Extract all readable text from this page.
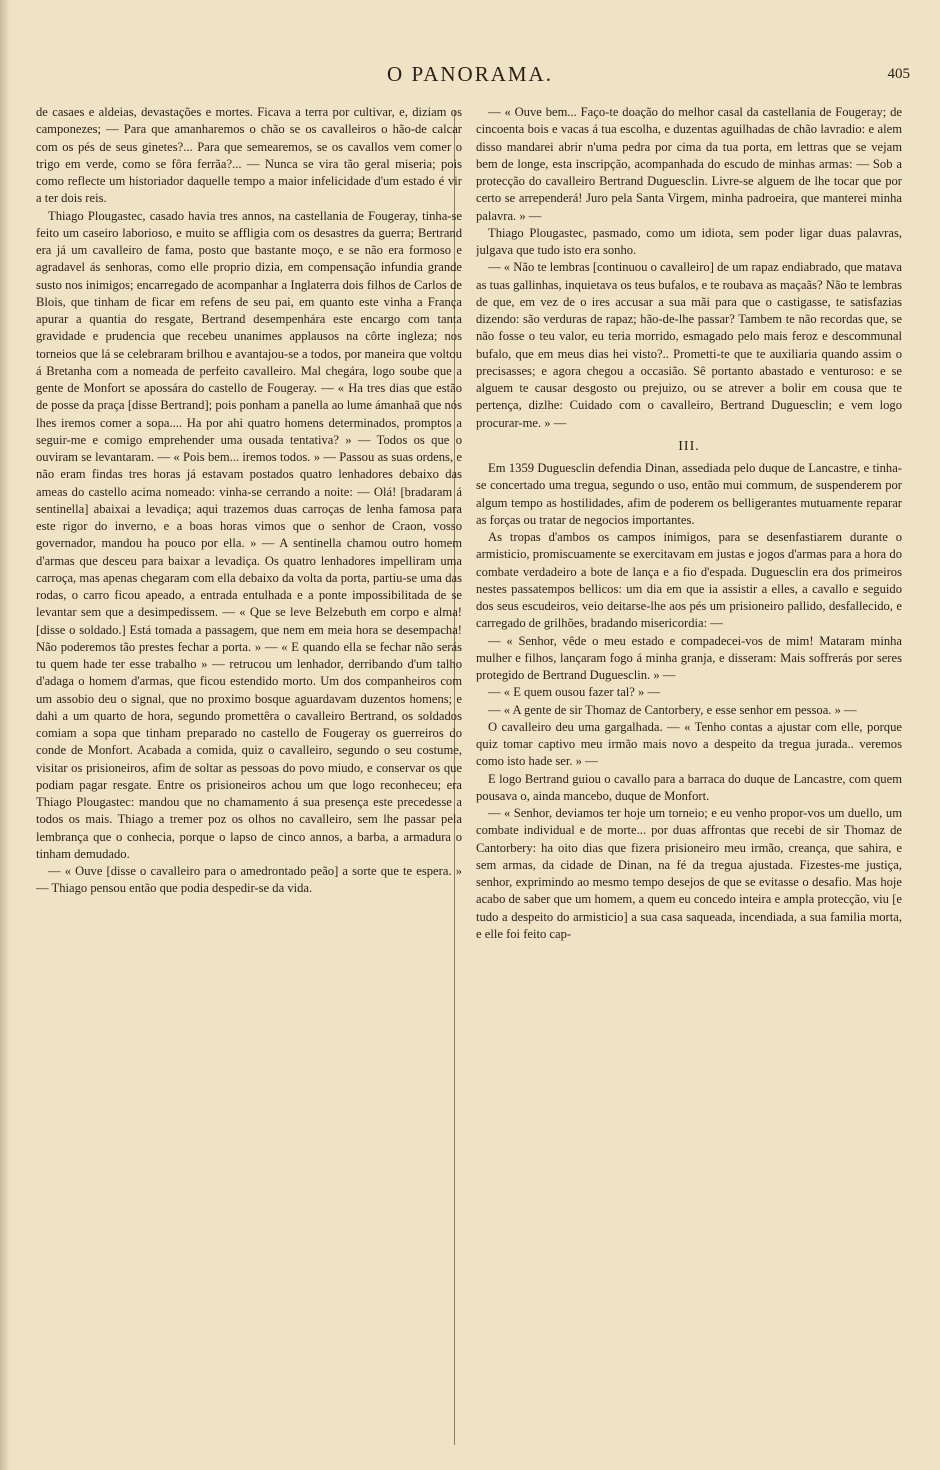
O PANORAMA.	405

de casaes e aldeias, devastações e mortes. Ficava a terra por cultivar, e, diziam os camponezes; — Para que amanharemos o chão se os cavalleiros o hão-de calcar com os pés de seus ginetes?... Para que semearemos, se os cavallos vem comer o trigo em verde, como se fôra ferrãa?... — Nunca se vira tão geral miseria; pois como reflecte um historiador daquelle tempo a maior infelicidade d'um estado é vir a ter dois reis.

Thiago Plougastec, casado havia tres annos, na castellania de Fougeray, tinha-se feito um caseiro laborioso, e muito se affligia com os desastres da guerra; Bertrand era já um cavalleiro de fama, posto que bastante moço, e se não era formoso e agradavel ás senhoras, como elle proprio dizia, em compensação infundia grande susto nos inimigos; encarregado de acompanhar a Inglaterra dois filhos de Carlos de Blois, que tinham de ficar em refens de seu pai, em quanto este vinha a França apurar a quantia do resgate, Bertrand desempenhára este encargo com tanta gravidade e prudencia que recebeu unanimes applausos na côrte ingleza; nos torneios que lá se celebraram brilhou e avantajou-se a todos, por maneira que voltou á Bretanha com a nomeada de perfeito cavalleiro. Mal chegára, logo soube que a gente de Monfort se apossára do castello de Fougeray. — « Ha tres dias que estão de posse da praça [disse Bertrand]; pois ponham a panella ao lume ámanhaã que nós lhes iremos comer a sopa.... Ha por ahi quatro homens determinados, promptos a seguir-me e comigo emprehender uma ousada tentativa? » — Todos os que o ouviram se levantaram. — « Pois bem... iremos todos. » — Passou as suas ordens, e não eram findas tres horas já estavam postados quatro lenhadores debaixo das ameas do castello acima nomeado: vinha-se cerrando a noite: — Olá! [bradaram á sentinella] abaixai a levadiça; aqui trazemos duas carroças de lenha famosa para este rigor do inverno, e a boas horas vimos que o senhor de Craon, vosso governador, mandou ha pouco por ella. » — A sentinella chamou outro homem d'armas que desceu para baixar a levadiça. Os quatro lenhadores impelliram uma carroça, mas apenas chegaram com ella debaixo da volta da porta, partiu-se uma das rodas, o carro ficou apeado, a entrada entulhada e a ponte impossibilitada de se levantar sem que a desimpedissem. — « Que se leve Belzebuth em corpo e alma! [disse o soldado.] Está tomada a passagem, que nem em meia hora se desempacha! Não poderemos tão prestes fechar a porta. » — « E quando ella se fechar não serás tu quem hade ter esse trabalho » — retrucou um lenhador, derribando d'um talho d'adaga o homem d'armas, que ficou estendido morto. Um dos companheiros com um assobio deu o signal, que no proximo bosque aguardavam duzentos homens; e dahi a um quarto de hora, segundo promettêra o cavalleiro Bertrand, os soldados comiam a sopa que tinham preparado no castello de Fougeray os guerreiros do conde de Monfort. Acabada a comida, quiz o cavalleiro, segundo o seu costume, visitar os prisioneiros, afim de soltar as pessoas do povo miudo, e conservar os que podiam pagar resgate. Entre os prisioneiros achou um que logo reconheceu; era Thiago Plougastec: mandou que no chamamento á sua presença este precedesse a todos os mais. Thiago a tremer poz os olhos no cavalleiro, sem lhe passar pela lembrança que o conhecia, porque o lapso de cinco annos, a barba, a armadura o tinham demudado.

— « Ouve [disse o cavalleiro para o amedrontado peão] a sorte que te espera. » — Thiago pensou então que podia despedir-se da vida.

— « Ouve bem... Faço-te doação do melhor casal da castellania de Fougeray; de cincoenta bois e vacas á tua escolha, e duzentas aguilhadas de chão lavradio: e alem disso mandarei abrir n'uma pedra por cima da tua porta, em lettras que se vejam bem de longe, esta inscripção, acompanhada do escudo de minhas armas: — Sob a protecção do cavalleiro Bertrand Duguesclin. Livre-se alguem de lhe tocar que por certo se arrependerá! Juro pela Santa Virgem, minha padroeira, que manterei minha palavra. » —

Thiago Plougastec, pasmado, como um idiota, sem poder ligar duas palavras, julgava que tudo isto era sonho.

— « Não te lembras [continuou o cavalleiro] de um rapaz endiabrado, que matava as tuas gallinhas, inquietava os teus bufalos, e te roubava as maçaãs? Não te lembras de que, em vez de o ires accusar a sua mãi para que o castigasse, te satisfazias dizendo: são verduras de rapaz; hão-de-lhe passar? Tambem te não recordas que, se não fosse o teu valor, eu teria morrido, esmagado pelo mais feroz e descommunal bufalo, que em meus dias hei visto?.. Prometti-te que te auxiliaria quando assim o precisasses; e agora chegou a occasião. Sê portanto abastado e venturoso: e se alguem te causar desgosto ou prejuizo, ou se atrever a bolir em cousa que te pertença, dizlhe: Cuidado com o cavalleiro, Bertrand Duguesclin; e vem logo procurar-me. » —

III.

Em 1359 Duguesclin defendia Dinan, assediada pelo duque de Lancastre, e tinha-se concertado uma tregua, segundo o uso, então mui commum, de suspenderem por algum tempo as hostilidades, afim de poderem os belligerantes mutuamente reparar as forças ou tratar de negocios importantes.

As tropas d'ambos os campos inimigos, para se desenfastiarem durante o armisticio, promiscuamente se exercitavam em justas e jogos d'armas para a hora do combate verdadeiro a bote de lança e a fio d'espada. Duguesclin era dos primeiros nestes passatempos bellicos: um dia em que ia assistir a elles, a cavallo e seguido dos seus escudeiros, veio deitarse-lhe aos pés um prisioneiro pallido, desfallecido, e carregado de grilhões, bradando misericordia: —

— « Senhor, vêde o meu estado e compadecei-vos de mim! Mataram minha mulher e filhos, lançaram fogo á minha granja, e disseram: Mais soffrerás por seres protegido de Bertrand Duguesclin. » —

— « E quem ousou fazer tal? » —

— « A gente de sir Thomaz de Cantorbery, e esse senhor em pessoa. » —

O cavalleiro deu uma gargalhada. — « Tenho contas a ajustar com elle, porque quiz tomar captivo meu irmão mais novo a despeito da tregua jurada.. veremos como isto hade ser. » —

E logo Bertrand guiou o cavallo para a barraca do duque de Lancastre, com quem pousava o, ainda mancebo, duque de Monfort.

— « Senhor, deviamos ter hoje um torneio; e eu venho propor-vos um duello, um combate individual e de morte... por duas affrontas que recebi de sir Thomaz de Cantorbery: ha oito dias que fizera prisioneiro meu irmão, creança, que sahira, e sem armas, da cidade de Dinan, na fé da tregua ajustada. Fizestes-me justiça, senhor, exprimindo ao mesmo tempo desejos de que se evitasse o desafio. Mas hoje acabo de saber que um homem, a quem eu concedo inteira e ampla protecção, viu [e tudo a despeito do armisticio] a sua casa saqueada, incendiada, a sua familia morta, e elle foi feito cap-
